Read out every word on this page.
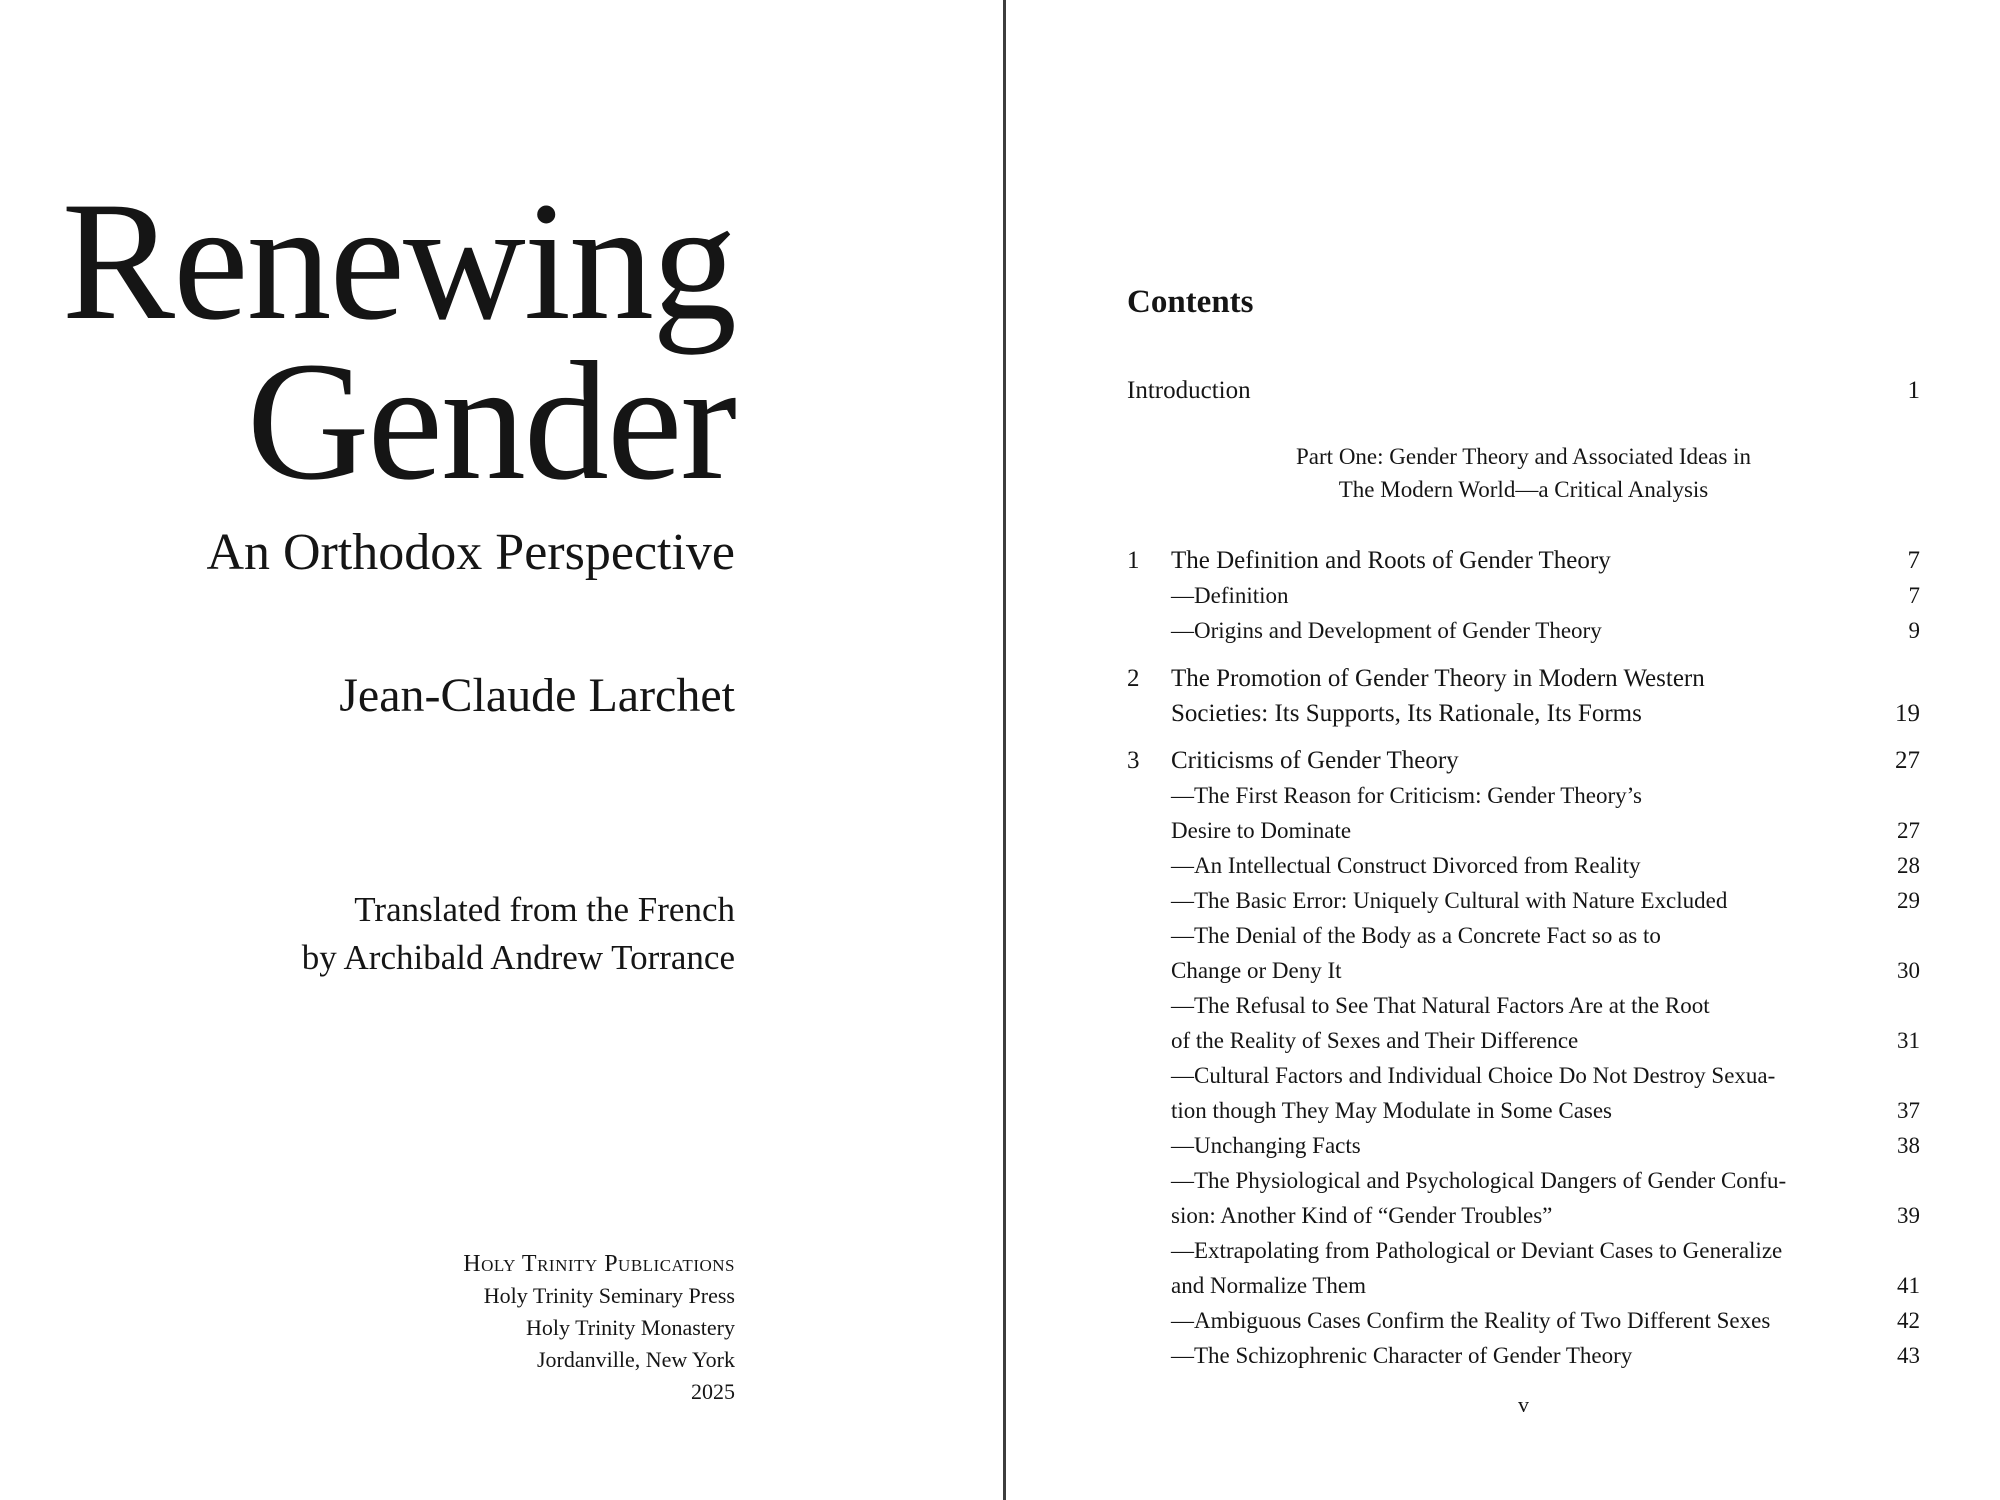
Renewing
Gender
An Orthodox Perspective
Jean-Claude Larchet
Translated from the French
by Archibald Andrew Torrance
Holy Trinity Publications
Holy Trinity Seminary Press
Holy Trinity Monastery
Jordanville, New York
2025
Contents
Introduction	1
Part One: Gender Theory and Associated Ideas in
The Modern World—a Critical Analysis
1 The Definition and Roots of Gender Theory	7
—Definition	7
—Origins and Development of Gender Theory	9
2 The Promotion of Gender Theory in Modern Western
Societies: Its Supports, Its Rationale, Its Forms	19
3 Criticisms of Gender Theory	27
—The First Reason for Criticism: Gender Theory’s
Desire to Dominate	27
—An Intellectual Construct Divorced from Reality	28
—The Basic Error: Uniquely Cultural with Nature Excluded	29
—The Denial of the Body as a Concrete Fact so as to
Change or Deny It	30
—The Refusal to See That Natural Factors Are at the Root
of the Reality of Sexes and Their Difference	31
—Cultural Factors and Individual Choice Do Not Destroy Sexua-
tion though They May Modulate in Some Cases	37
—Unchanging Facts	38
—The Physiological and Psychological Dangers of Gender Confu-
sion: Another Kind of “Gender Troubles”	39
—Extrapolating from Pathological or Deviant Cases to Generalize
and Normalize Them	41
—Ambiguous Cases Confirm the Reality of Two Different Sexes	42
—The Schizophrenic Character of Gender Theory	43
v
